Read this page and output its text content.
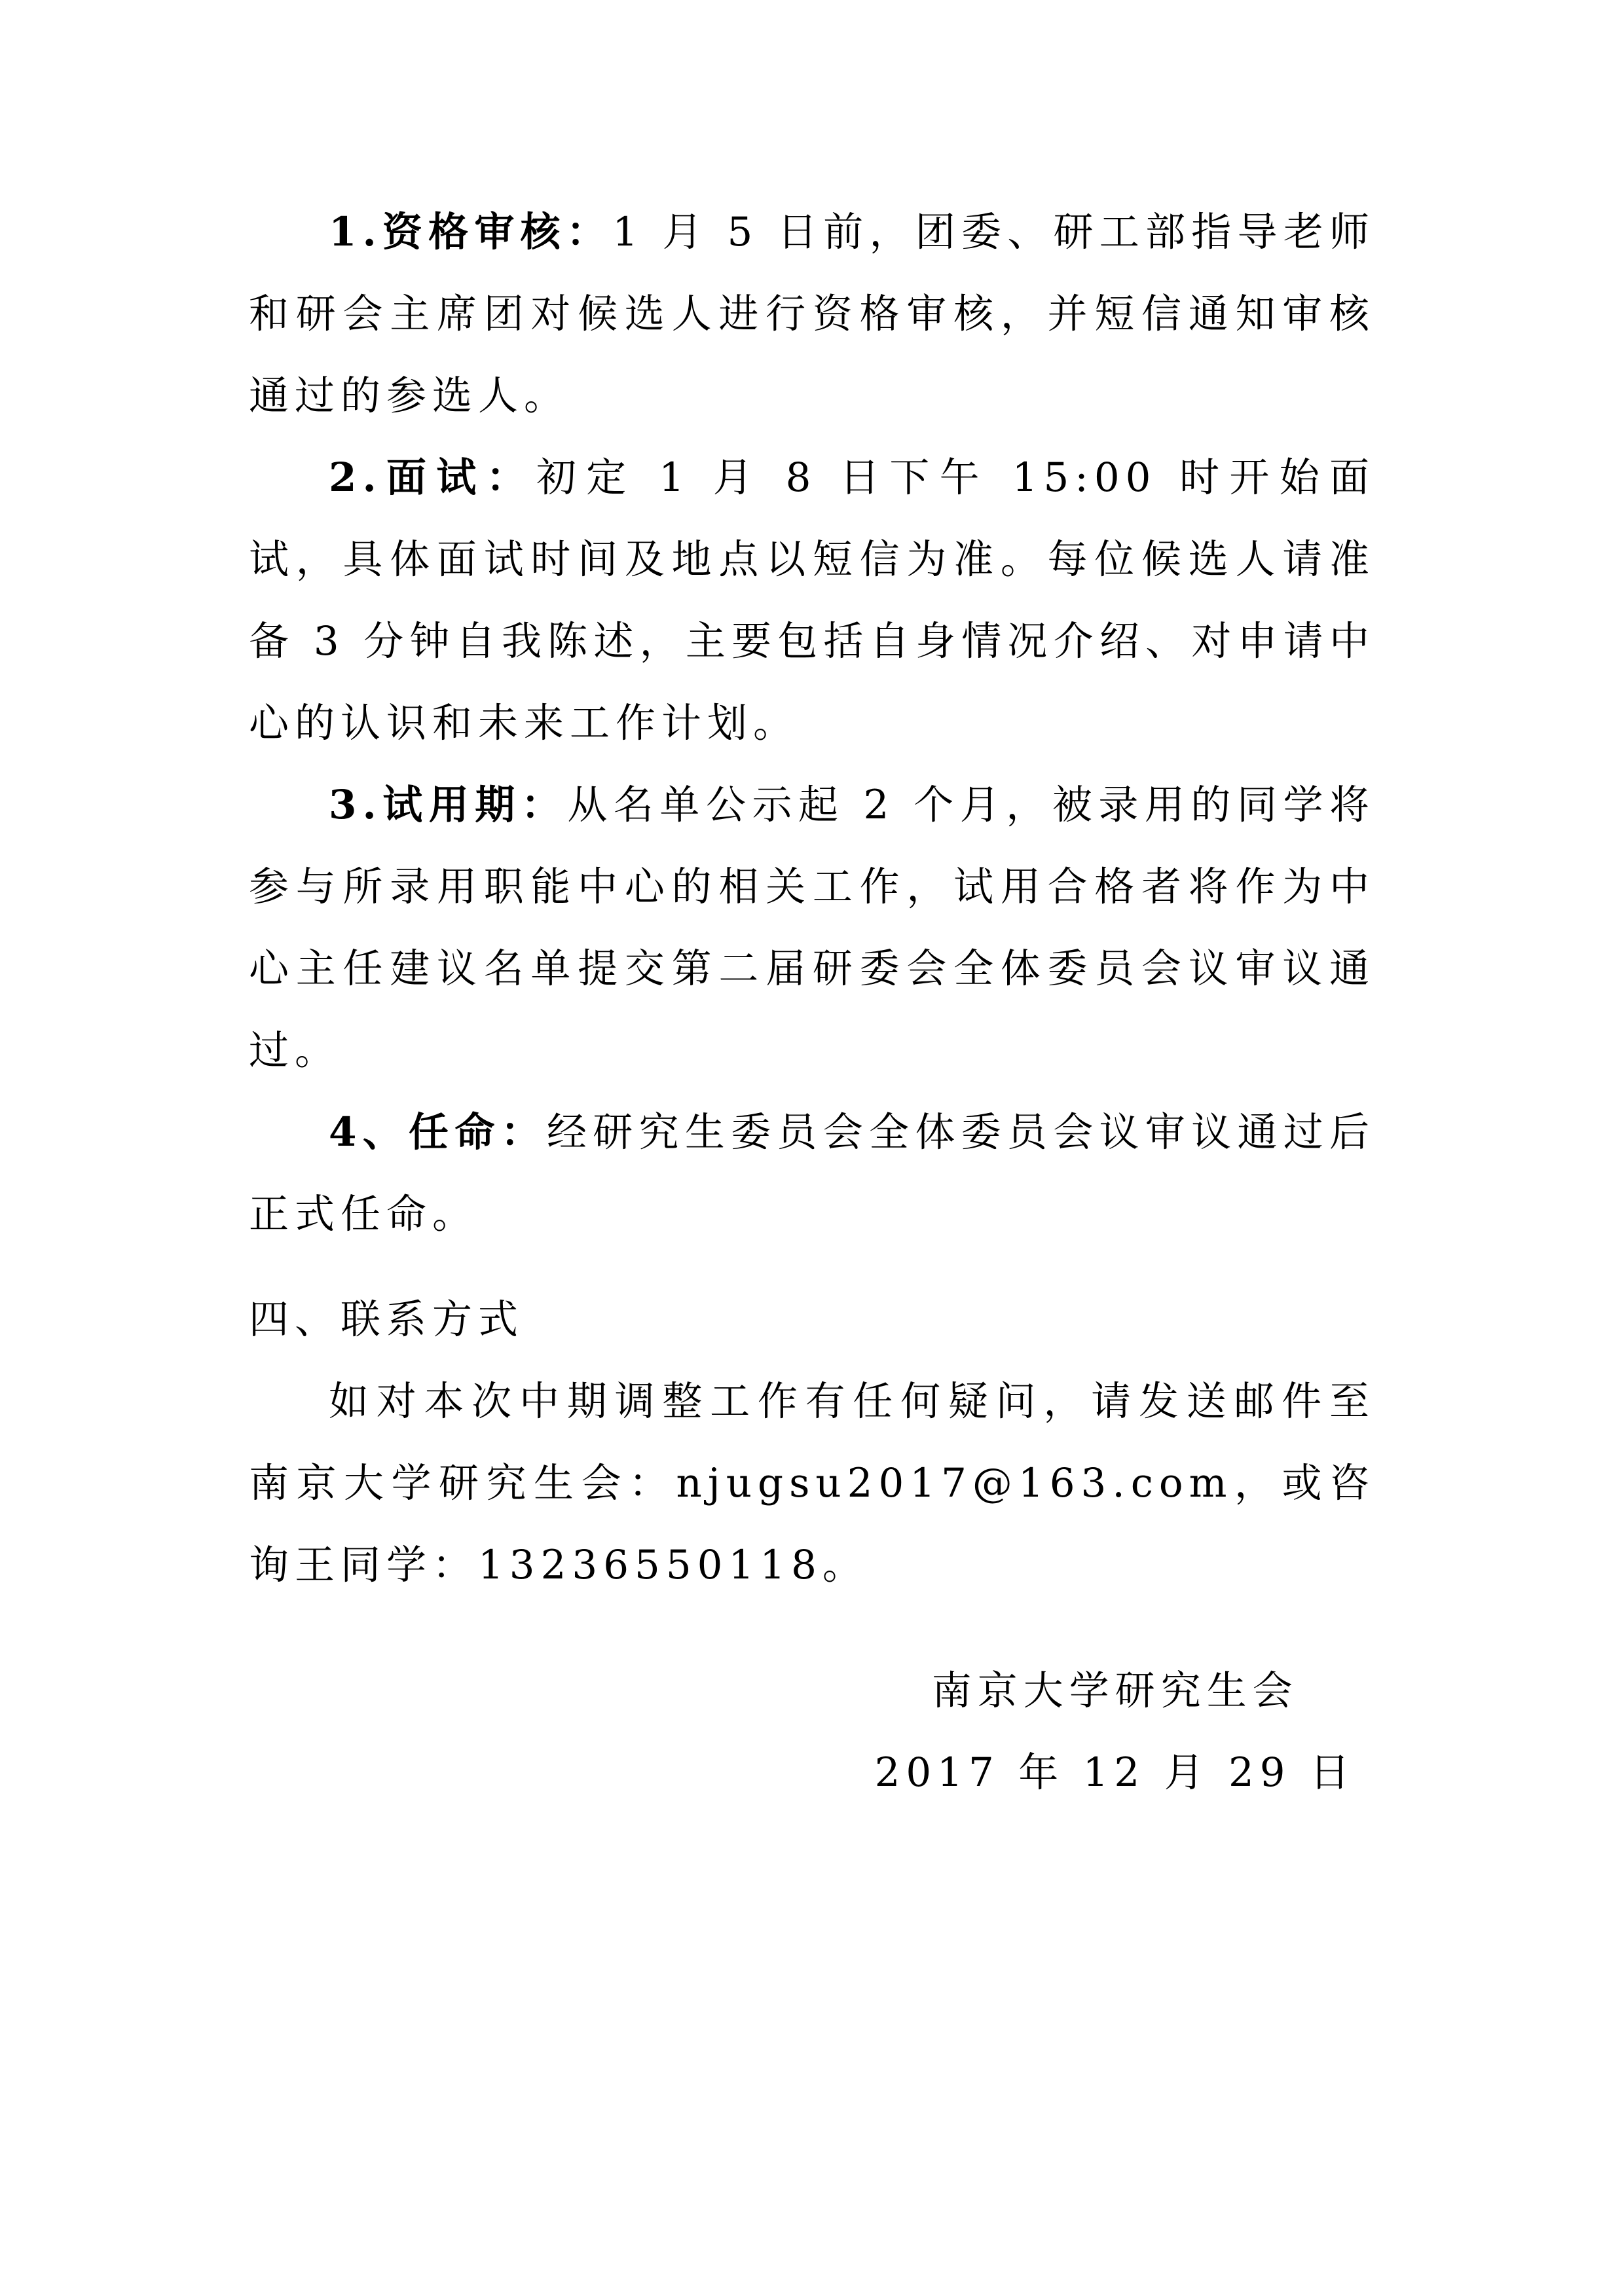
1.资格审核：1 月 5 日前，团委、研工部指导老师和研会主席团对候选人进行资格审核，并短信通知审核通过的参选人。

2.面试：初定 1 月 8 日下午 15:00 时开始面试，具体面试时间及地点以短信为准。每位候选人请准备 3 分钟自我陈述，主要包括自身情况介绍、对申请中心的认识和未来工作计划。

3.试用期：从名单公示起 2 个月，被录用的同学将参与所录用职能中心的相关工作，试用合格者将作为中心主任建议名单提交第二届研委会全体委员会议审议通过。

4、任命：经研究生委员会全体委员会议审议通过后正式任命。

四、联系方式

如对本次中期调整工作有任何疑问，请发送邮件至南京大学研究生会：njugsu2017@163.com，或咨询王同学：13236550118。

南京大学研究生会
2017 年 12 月 29 日
